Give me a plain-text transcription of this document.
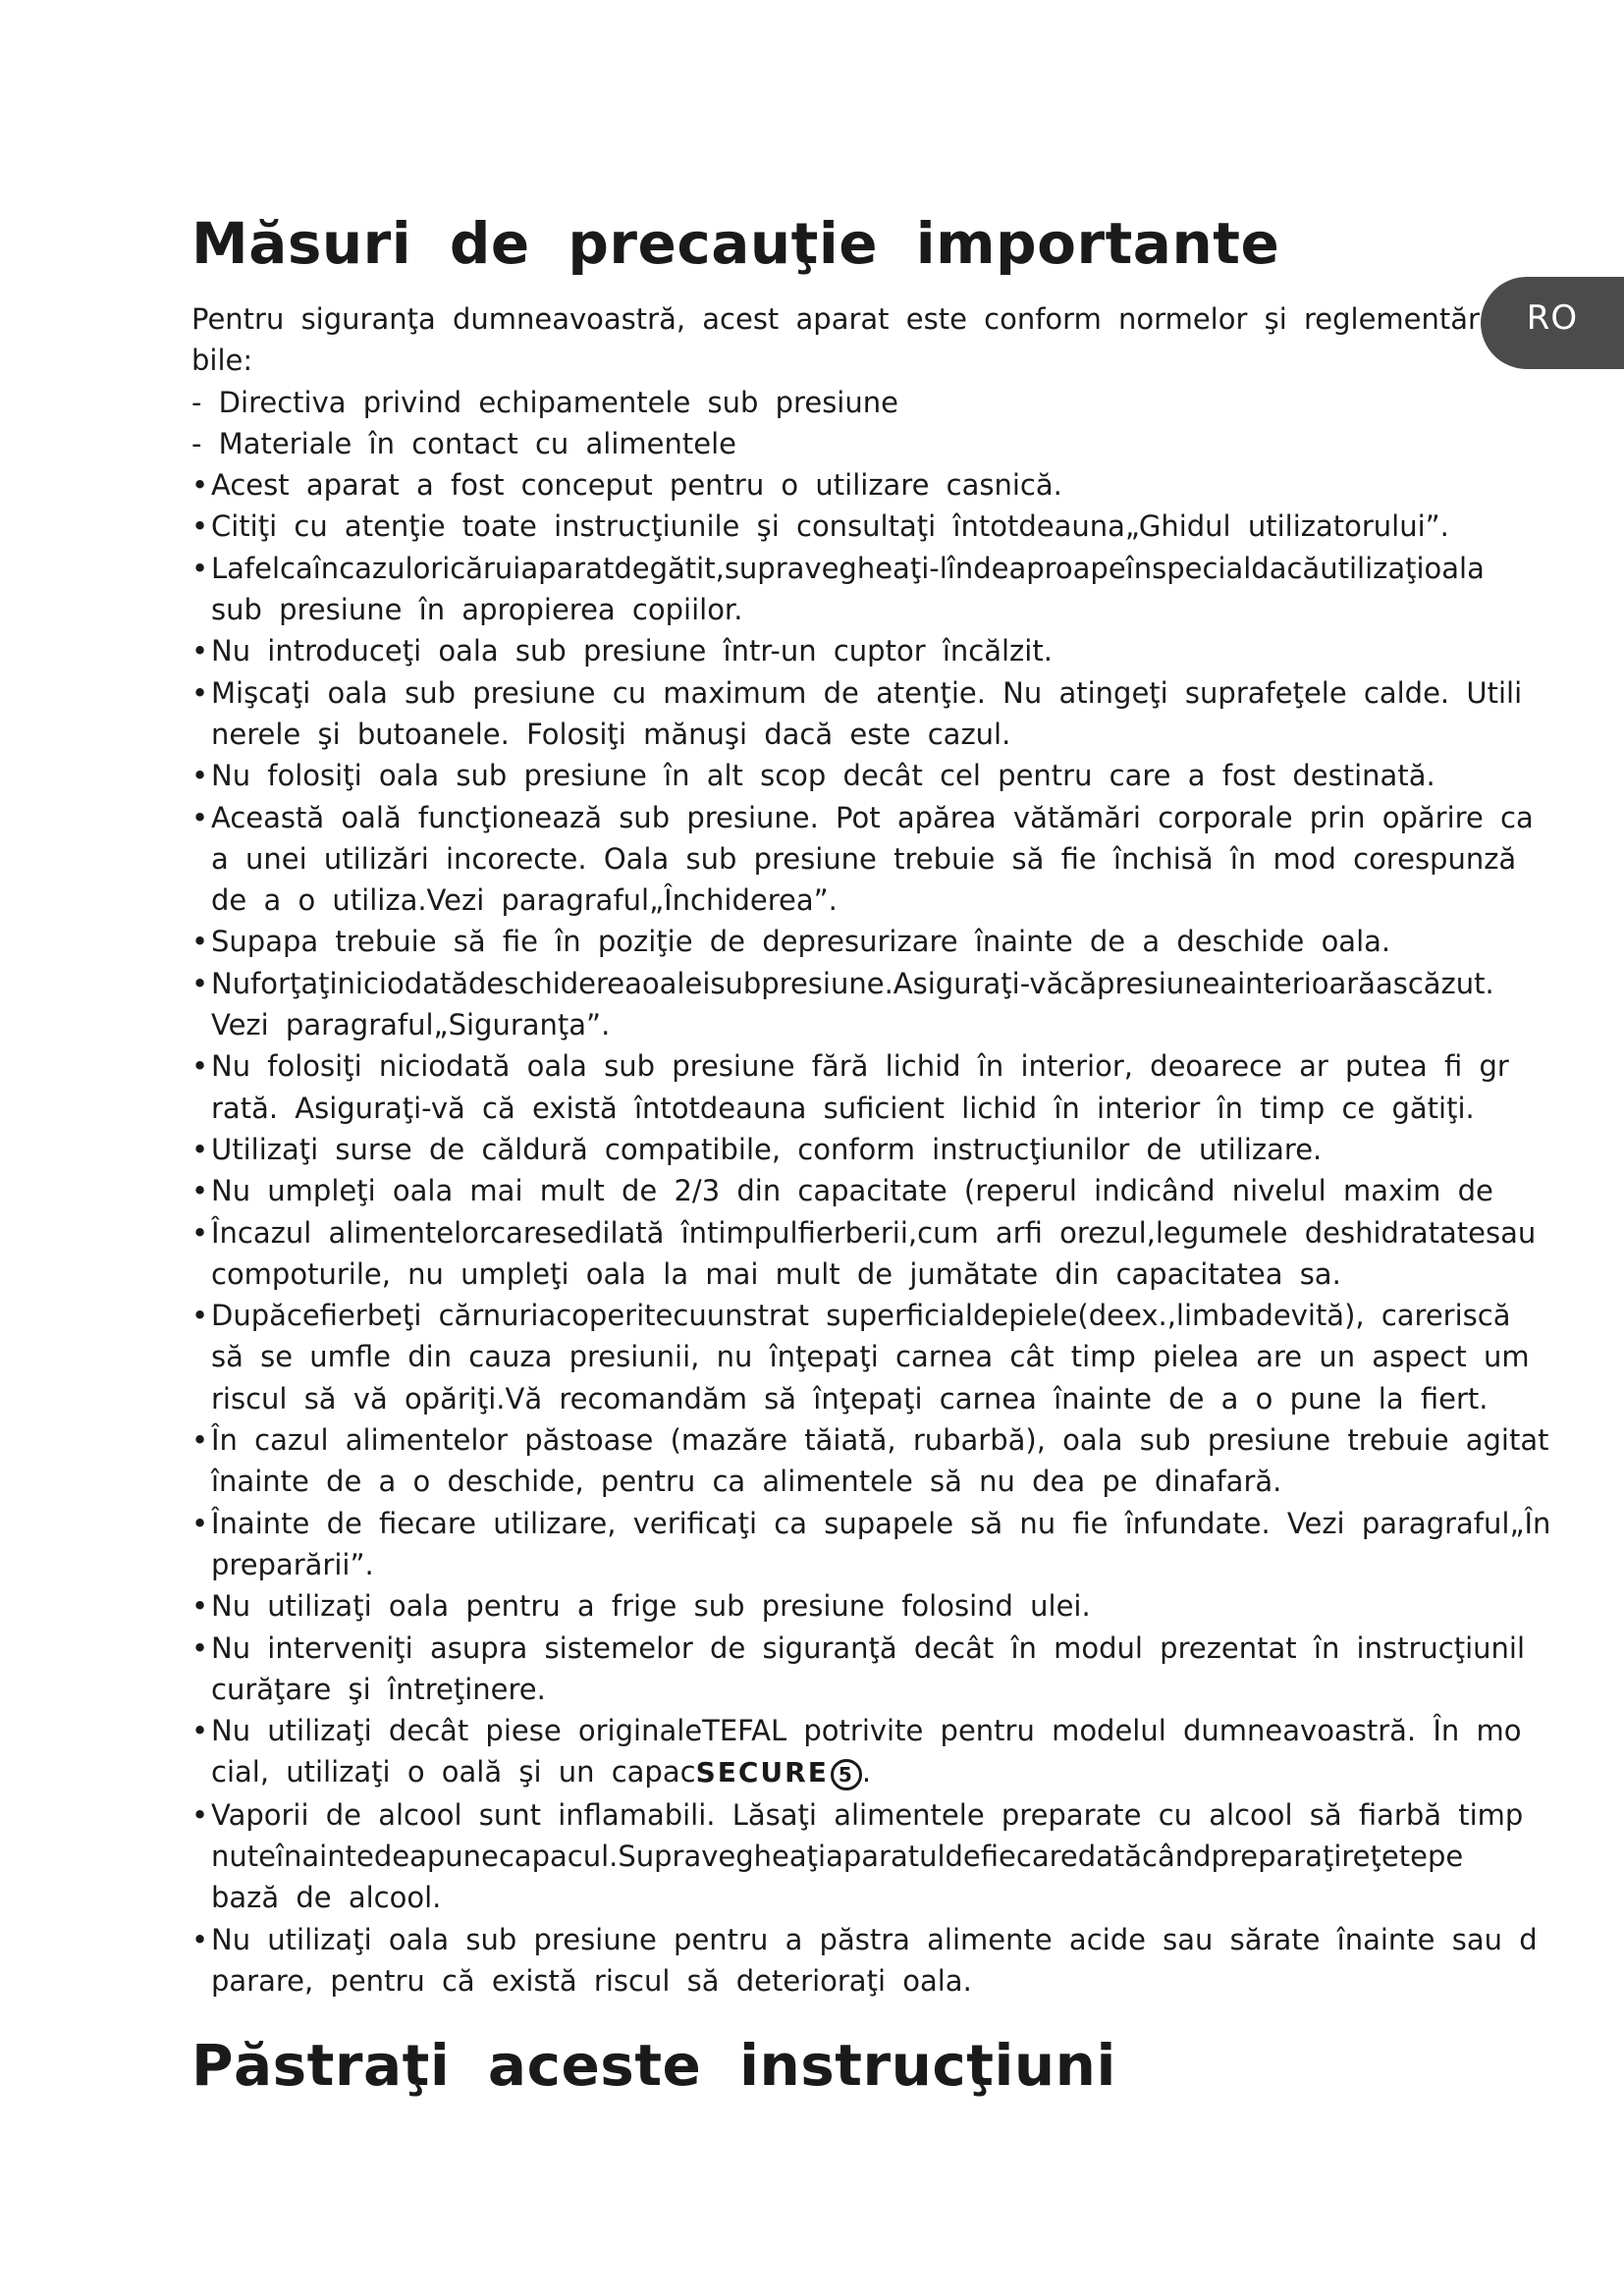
Măsuri de precauţie importante
RO

Pentru siguranţa dumneavoastră, acest aparat este conform normelor şi reglementăr

bile:

- Directiva privind echipamentele sub presiune

- Materiale în contact cu alimentele

• Acest aparat a fost conceput pentru o utilizare casnică.

• Citiţi cu atenţie toate instrucţiunile şi consultaţi întotdeauna„Ghidul utilizatorului”.

• Lafelcaîncazuloricăruiaparatdegătit,supravegheaţi-lîndeaproapeînspecialdacăutilizaţioala

sub presiune în apropierea copiilor.

• Nu introduceţi oala sub presiune într-un cuptor încălzit.

• Mişcaţi oala sub presiune cu maximum de atenţie. Nu atingeţi suprafeţele calde. Utili

nerele şi butoanele. Folosiţi mănuşi dacă este cazul.

• Nu folosiţi oala sub presiune în alt scop decât cel pentru care a fost destinată.

• Această oală funcţionează sub presiune. Pot apărea vătămări corporale prin opărire ca

a unei utilizări incorecte. Oala sub presiune trebuie să fie închisă în mod corespunză

de a o utiliza.Vezi paragraful„Închiderea”.

• Supapa trebuie să fie în poziţie de depresurizare înainte de a deschide oala.

• Nuforţaţiniciodatădeschidereaoaleisubpresiune.Asiguraţi-văcăpresiuneainterioarăascăzut.

Vezi paragraful„Siguranţa”.

• Nu folosiţi niciodată oala sub presiune fără lichid în interior, deoarece ar putea fi gr

rată. Asiguraţi-vă că există întotdeauna suficient lichid în interior în timp ce gătiţi.

• Utilizaţi surse de căldură compatibile, conform instrucţiunilor de utilizare.

• Nu umpleţi oala mai mult de 2/3 din capacitate (reperul indicând nivelul maxim de

• Încazul alimentelorcaresedilată întimpulfierberii,cum arfi orezul,legumele deshidratatesau

compoturile, nu umpleţi oala la mai mult de jumătate din capacitatea sa.

• Dupăcefierbeţi cărnuriacoperitecuunstrat superficialdepiele(deex.,limbadevită), careriscă

să se umfle din cauza presiunii, nu înţepaţi carnea cât timp pielea are un aspect um

riscul să vă opăriţi.Vă recomandăm să înţepaţi carnea înainte de a o pune la fiert.

• În cazul alimentelor păstoase (mazăre tăiată, rubarbă), oala sub presiune trebuie agitat

înainte de a o deschide, pentru ca alimentele să nu dea pe dinafară.

• Înainte de fiecare utilizare, verificaţi ca supapele să nu fie înfundate. Vezi paragraful„În

preparării”.

• Nu utilizaţi oala pentru a frige sub presiune folosind ulei.

• Nu interveniţi asupra sistemelor de siguranţă decât în modul prezentat în instrucţiunil

curăţare şi întreţinere.

• Nu utilizaţi decât piese originaleTEFAL potrivite pentru modelul dumneavoastră. În mo

cial, utilizaţi o oală şi un capacSECURE 5 .

• Vaporii de alcool sunt inflamabili. Lăsaţi alimentele preparate cu alcool să fiarbă timp

nuteînaintedeapunecapacul.Supravegheaţiaparatuldefiecaredatăcândpreparaţireţetepe

bază de alcool.

• Nu utilizaţi oala sub presiune pentru a păstra alimente acide sau sărate înainte sau d

parare, pentru că există riscul să deterioraţi oala.

Păstraţi aceste instrucţiuni
